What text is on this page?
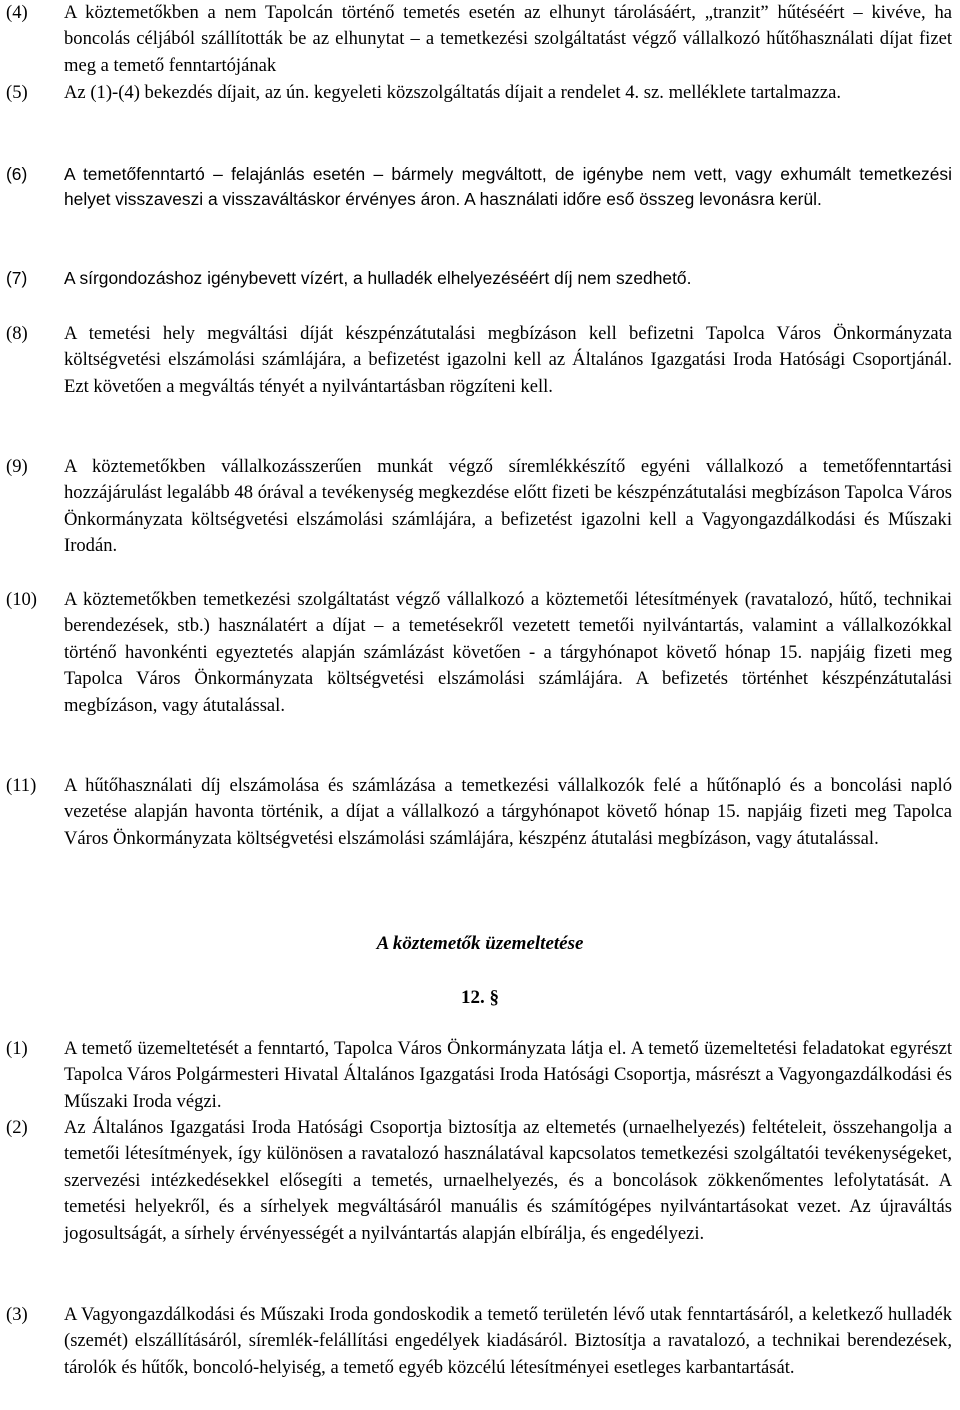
(4)	A köztemetőkben a nem Tapolcán történő temetés esetén az elhunyt tárolásáért, „tranzit” hűtéséért – kivéve, ha boncolás céljából szállították be az elhunytat – a temetkezési szolgáltatást végző vállalkozó hűtőhasználati díjat fizet meg a temető fenntartójának
(5)	Az (1)-(4) bekezdés díjait, az ún. kegyeleti közszolgáltatás díjait a rendelet 4. sz. melléklete tartalmazza.
(6)	A temetőfenntartó – felajánlás esetén – bármely megváltott, de igénybe nem vett, vagy exhumált temetkezési helyet visszaveszi a visszaváltáskor érvényes áron. A használati időre eső összeg levonásra kerül.
(7)	A sírgondozáshoz igénybevett vízért, a hulladék elhelyezéséért díj nem szedhető.
(8)	A temetési hely megváltási díját készpénzátutalási megbízáson kell befizetni Tapolca Város Önkormányzata költségvetési elszámolási számlájára, a befizetést igazolni kell az Általános Igazgatási Iroda Hatósági Csoportjánál. Ezt követően a megváltás tényét a nyilvántartásban rögzíteni kell.
(9)	A köztemetőkben vállalkozásszerűen munkát végző síremlékkészítő egyéni vállalkozó a temetőfenntartási hozzájárulást legalább 48 órával a tevékenység megkezdése előtt fizeti be készpénzátutalási megbízáson Tapolca Város Önkormányzata költségvetési elszámolási számlájára, a befizetést igazolni kell a Vagyongazdálkodási és Műszaki Irodán.
(10)	A köztemetőkben temetkezési szolgáltatást végző vállalkozó a köztemetői létesítmények (ravatalozó, hűtő, technikai berendezések, stb.) használatért a díjat – a temetésekről vezetett temetői nyilvántartás, valamint a vállalkozókkal történő havonkénti egyeztetés alapján számlázást követően - a tárgyhónapot követő hónap 15. napjáig fizeti meg Tapolca Város Önkormányzata költségvetési elszámolási számlájára. A befizetés történhet készpénzátutalási megbízáson, vagy átutalással.
(11)	A hűtőhasználati díj elszámolása és számlázása a temetkezési vállalkozók felé a hűtőnapló és a boncolási napló vezetése alapján havonta történik, a díjat a vállalkozó a tárgyhónapot követő hónap 15. napjáig fizeti meg Tapolca Város Önkormányzata költségvetési elszámolási számlájára, készpénz átutalási megbízáson, vagy átutalással.
A köztemetők üzemeltetése
12. §
(1)	A temető üzemeltetését a fenntartó, Tapolca Város Önkormányzata látja el. A temető üzemeltetési feladatokat egyrészt Tapolca Város Polgármesteri Hivatal Általános Igazgatási Iroda Hatósági Csoportja, másrészt a Vagyongazdálkodási és Műszaki Iroda végzi.
(2)	Az Általános Igazgatási Iroda Hatósági Csoportja biztosítja az eltemetés (urnaelhelyezés) feltételeit, összehangolja a temetői létesítmények, így különösen a ravatalozó használatával kapcsolatos temetkezési szolgáltatói tevékenységeket, szervezési intézkedésekkel elősegíti a temetés, urnaelhelyezés, és a boncolások zökkenőmentes lefolytatását. A temetési helyekről, és a sírhelyek megváltásáról manuális és számítógépes nyilvántartásokat vezet. Az újraváltás jogosultságát, a sírhely érvényességét a nyilvántartás alapján elbírálja, és engedélyezi.
(3)	A Vagyongazdálkodási és Műszaki Iroda gondoskodik a temető területén lévő utak fenntartásáról, a keletkező hulladék (szemét) elszállításáról, síremlék-felállítási engedélyek kiadásáról. Biztosítja a ravatalozó, a technikai berendezések, tárolók és hűtők, boncoló-helyiség, a temető egyéb közcélú létesítményei esetleges karbantartását.
